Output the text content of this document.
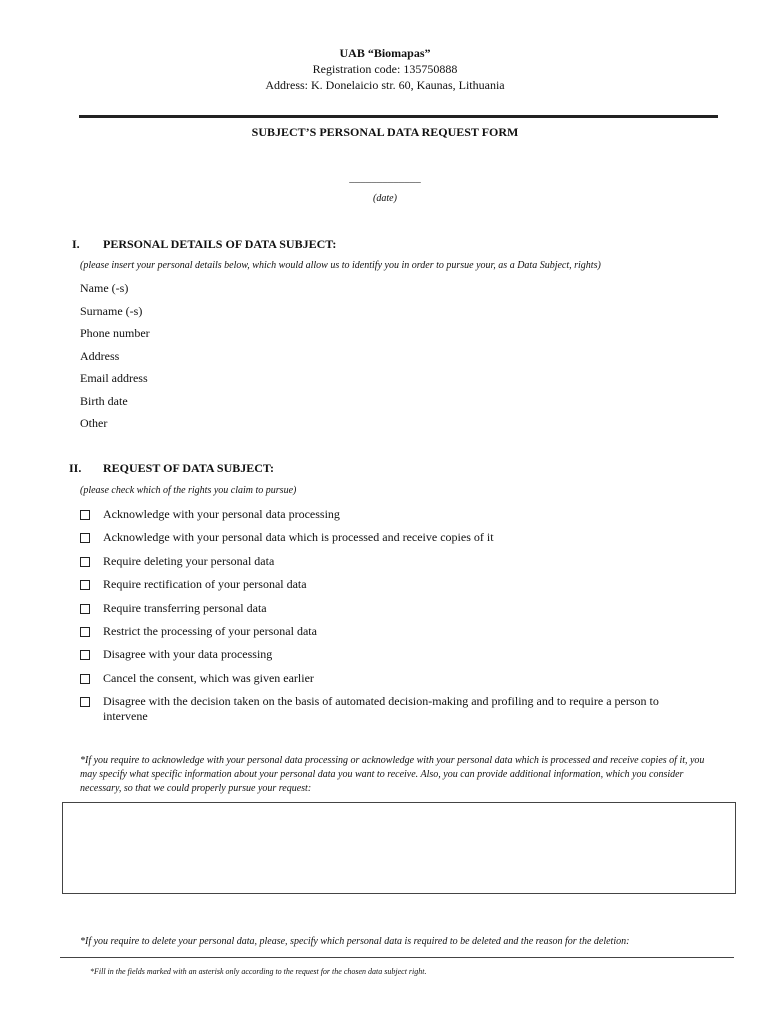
UAB “Biomapas”
Registration code: 135750888
Address: K. Donelaicio str. 60, Kaunas, Lithuania
SUBJECT’S PERSONAL DATA REQUEST FORM
_____________
(date)
I. PERSONAL DETAILS OF DATA SUBJECT:
(please insert your personal details below, which would allow us to identify you in order to pursue your, as a Data Subject, rights)
Name (-s)
Surname (-s)
Phone number
Address
Email address
Birth date
Other
II. REQUEST OF DATA SUBJECT:
(please check which of the rights you claim to pursue)
Acknowledge with your personal data processing
Acknowledge with your personal data which is processed and receive copies of it
Require deleting your personal data
Require rectification of your personal data
Require transferring personal data
Restrict the processing of your personal data
Disagree with your data processing
Cancel the consent, which was given earlier
Disagree with the decision taken on the basis of automated decision-making and profiling and to require a person to intervene
*If you require to acknowledge with your personal data processing or acknowledge with your personal data which is processed and receive copies of it, you may specify what specific information about your personal data you want to receive. Also, you can provide additional information, which you consider necessary, so that we could properly pursue your request:
*If you require to delete your personal data, please, specify which personal data is required to be deleted and the reason for the deletion:
*Fill in the fields marked with an asterisk only according to the request for the chosen data subject right.
